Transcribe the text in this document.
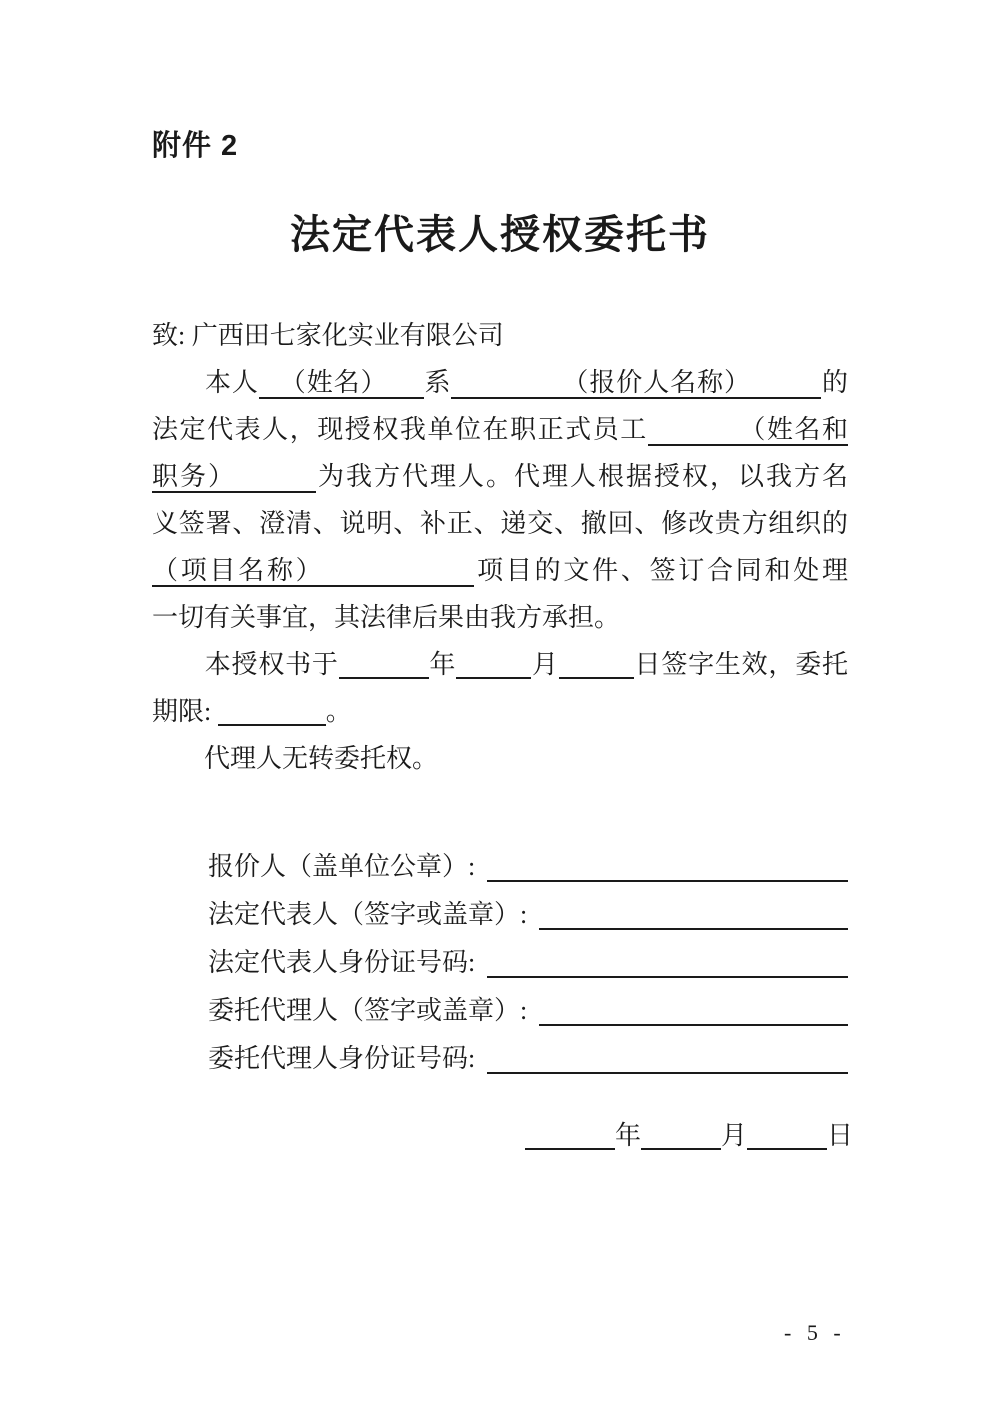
附件 2
法定代表人授权委托书
致: 广西田七家化实业有限公司
本人 （姓名） 系	（报价人名称）	的
法定代表人，现授权我单位在职正式员工	（姓名和
职务）	为我方代理人。代理人根据授权，以我方名
义签署、澄清、说明、补正、递交、撤回、修改贵方组织的
（项目名称）	项目的文件、签订合同和处理
一切有关事宜，其法律后果由我方承担。
本授权书于	年	月	日签字生效，委托
期限:	。
代理人无转委托权。
报价人（盖单位公章）:
法定代表人（签字或盖章）:
法定代表人身份证号码:
委托代理人（签字或盖章）:
委托代理人身份证号码:
年	月	日
- 5 -
